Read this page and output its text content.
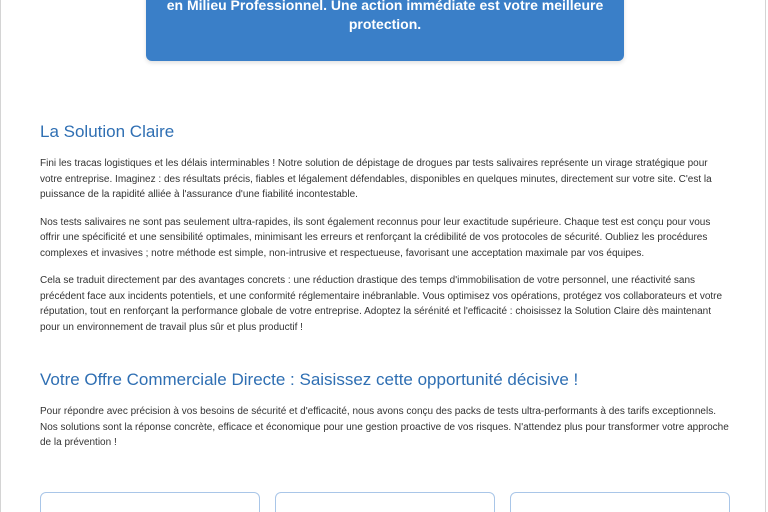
en Milieu Professionnel. Une action immédiate est votre meilleure
protection.
La Solution Claire

Fini les tracas logistiques et les délais interminables ! Notre solution de dépistage de drogues par tests salivaires représente un virage stratégique pour votre entreprise. Imaginez : des résultats précis, fiables et légalement défendables, disponibles en quelques minutes, directement sur votre site. C'est la puissance de la rapidité alliée à l'assurance d'une fiabilité incontestable.

Nos tests salivaires ne sont pas seulement ultra-rapides, ils sont également reconnus pour leur exactitude supérieure. Chaque test est conçu pour vous offrir une spécificité et une sensibilité optimales, minimisant les erreurs et renforçant la crédibilité de vos protocoles de sécurité. Oubliez les procédures complexes et invasives ; notre méthode est simple, non-intrusive et respectueuse, favorisant une acceptation maximale par vos équipes.

Cela se traduit directement par des avantages concrets : une réduction drastique des temps d'immobilisation de votre personnel, une réactivité sans précédent face aux incidents potentiels, et une conformité réglementaire inébranlable. Vous optimisez vos opérations, protégez vos collaborateurs et votre réputation, tout en renforçant la performance globale de votre entreprise. Adoptez la sérénité et l'efficacité : choisissez la Solution Claire dès maintenant pour un environnement de travail plus sûr et plus productif !

Votre Offre Commerciale Directe : Saisissez cette opportunité décisive !

Pour répondre avec précision à vos besoins de sécurité et d'efficacité, nous avons conçu des packs de tests ultra-performants à des tarifs exceptionnels. Nos solutions sont la réponse concrète, efficace et économique pour une gestion proactive de vos risques. N'attendez plus pour transformer votre approche de la prévention !
